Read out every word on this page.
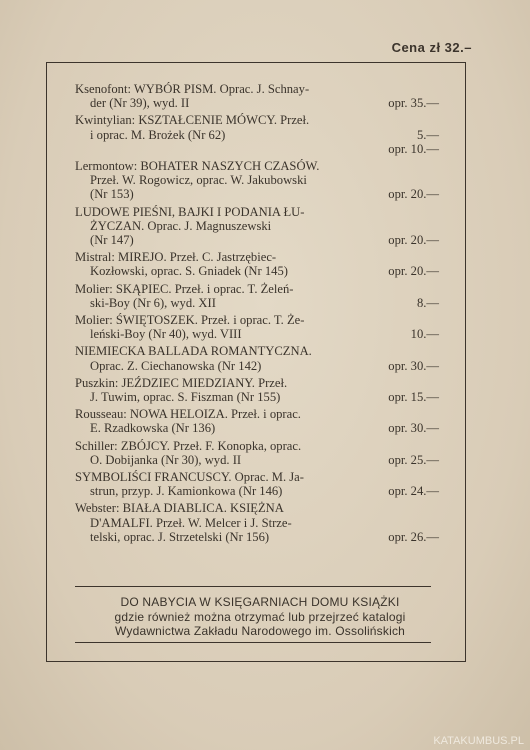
Cena zł 32.–
Ksenofont: WYBÓR PISM. Oprac. J. Schnay-
der (Nr 39), wyd. II	opr. 35.—
Kwintylian: KSZTAŁCENIE MÓWCY. Przeł.
i oprac. M. Brożek (Nr 62)	5.—
opr. 10.—
Lermontow: BOHATER NASZYCH CZASÓW.
Przeł. W. Rogowicz, oprac. W. Jakubowski
(Nr 153)	opr. 20.—
LUDOWE PIEŚNI, BAJKI I PODANIA ŁU-
ŻYCZAN. Oprac. J. Magnuszewski
(Nr 147)	opr. 20.—
Mistral: MIREJO. Przeł. C. Jastrzębiec-
Kozłowski, oprac. S. Gniadek (Nr 145)	opr. 20.—
Molier: SKĄPIEC. Przeł. i oprac. T. Żeleń-
ski-Boy (Nr 6), wyd. XII	8.—
Molier: ŚWIĘTOSZEK. Przeł. i oprac. T. Że-
leński-Boy (Nr 40), wyd. VIII	10.—
NIEMIECKA BALLADA ROMANTYCZNA.
Oprac. Z. Ciechanowska (Nr 142)	opr. 30.—
Puszkin: JEŹDZIEC MIEDZIANY. Przeł.
J. Tuwim, oprac. S. Fiszman (Nr 155)	opr. 15.—
Rousseau: NOWA HELOIZA. Przeł. i oprac.
E. Rzadkowska (Nr 136)	opr. 30.—
Schiller: ZBÓJCY. Przeł. F. Konopka, oprac.
O. Dobijanka (Nr 30), wyd. II	opr. 25.—
SYMBOLIŚCI FRANCUSCY. Oprac. M. Ja-
strun, przyp. J. Kamionkowa (Nr 146)	opr. 24.—
Webster: BIAŁA DIABLICA. KSIĘŻNA
D'AMALFI. Przeł. W. Melcer i J. Strze-
telski, oprac. J. Strzetelski (Nr 156)	opr. 26.—
DO NABYCIA W KSIĘGARNIACH DOMU KSIĄŻKI
gdzie również można otrzymać lub przejrzeć katalogi
Wydawnictwa Zakładu Narodowego im. Ossolińskich
KATAKUMBUS.PL
